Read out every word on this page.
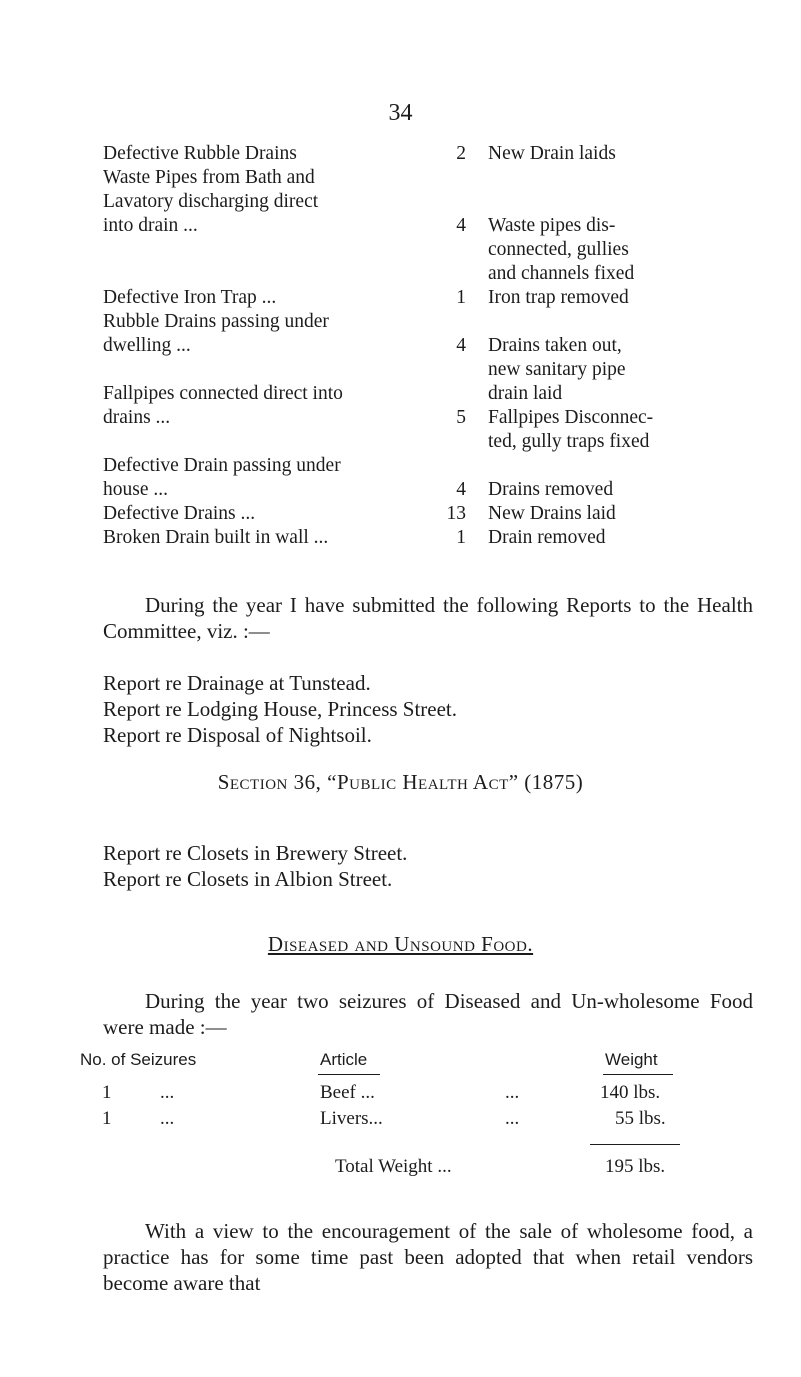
34
Defective Rubble Drains	2 New Drain laids
Waste Pipes from Bath and
Lavatory discharging direct
into drain ...	4 Waste pipes dis-
connected, gullies
and channels fixed
Defective Iron Trap ...	1 Iron trap removed
Rubble Drains passing under
dwelling ...	4 Drains taken out,
new sanitary pipe
drain laid
Fallpipes connected direct into
drains ...	5 Fallpipes Disconnec-
ted, gully traps fixed
Defective Drain passing under
house ...	4 Drains removed
Defective Drains ...	13 New Drains laid
Broken Drain built in wall ...	1 Drain removed
During the year I have submitted the following Reports to the Health Committee, viz. :—
Report re Drainage at Tunstead.
Report re Lodging House, Princess Street.
Report re Disposal of Nightsoil.
Section 36, “Public Health Act” (1875)
Report re Closets in Brewery Street.
Report re Closets in Albion Street.
Diseased and Unsound Food.
During the year two seizures of Diseased and Un-wholesome Food were made :—
No. of Seizures	Article	Weight
1	...	Beef ...	...	140 lbs.
1	...	Livers...	...	55 lbs.
Total Weight ...	195 lbs.
With a view to the encouragement of the sale of wholesome food, a practice has for some time past been adopted that when retail vendors become aware that
